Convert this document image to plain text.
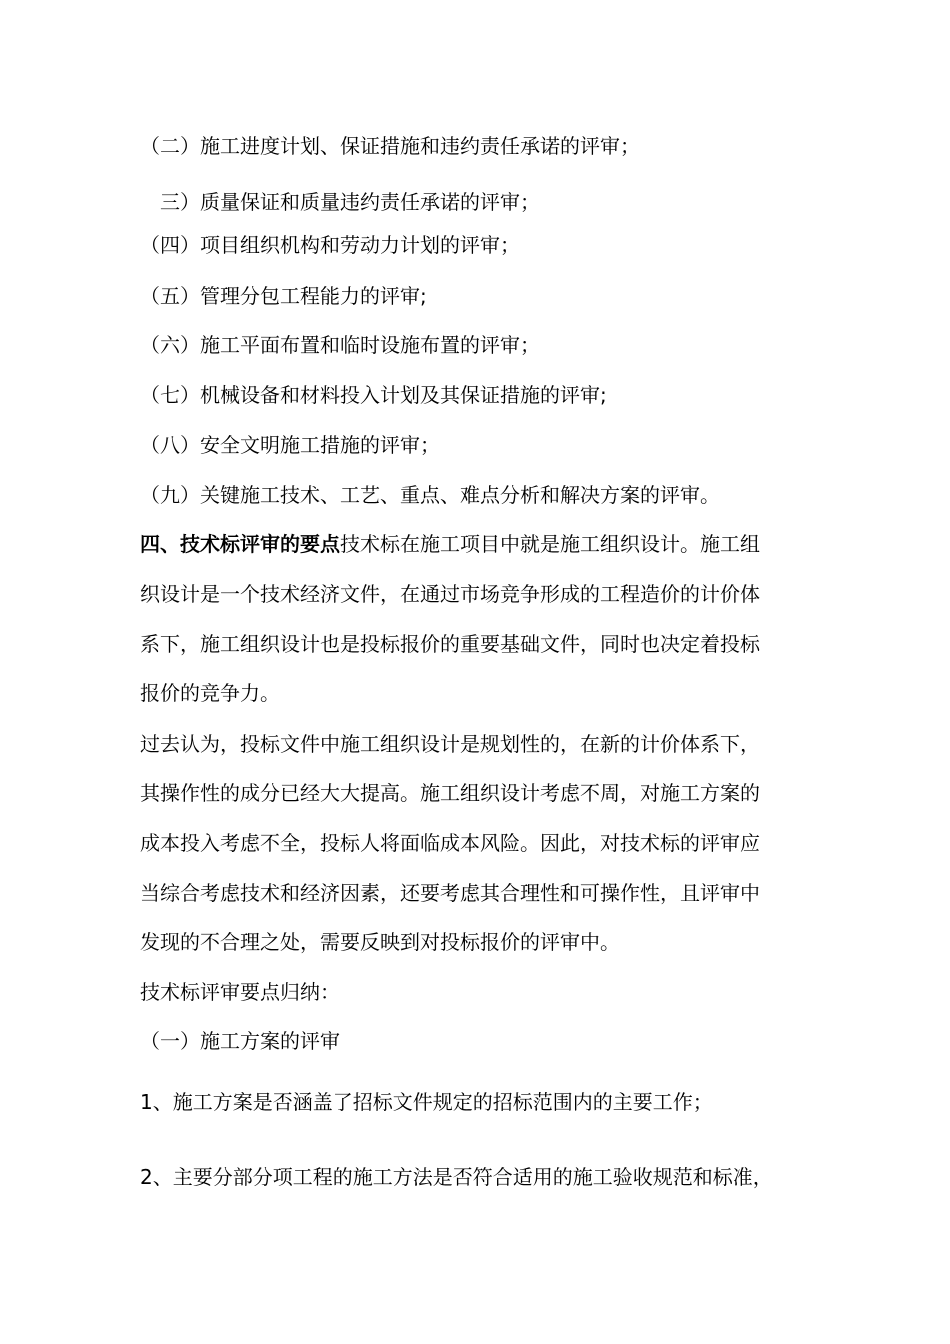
（二）施工进度计划、保证措施和违约责任承诺的评审；
三）质量保证和质量违约责任承诺的评审；
（四）项目组织机构和劳动力计划的评审；
（五）管理分包工程能力的评审;
（六）施工平面布置和临时设施布置的评审；
（七）机械设备和材料投入计划及其保证措施的评审;
（八）安全文明施工措施的评审；
（九）关键施工技术、工艺、重点、难点分析和解决方案的评审。
四、技术标评审的要点技术标在施工项目中就是施工组织设计。施工组
织设计是一个技术经济文件，在通过市场竞争形成的工程造价的计价体
系下，施工组织设计也是投标报价的重要基础文件，同时也决定着投标
报价的竞争力。
过去认为，投标文件中施工组织设计是规划性的，在新的计价体系下，
其操作性的成分已经大大提高。施工组织设计考虑不周，对施工方案的
成本投入考虑不全，投标人将面临成本风险。因此，对技术标的评审应
当综合考虑技术和经济因素，还要考虑其合理性和可操作性，且评审中
发现的不合理之处，需要反映到对投标报价的评审中。
技术标评审要点归纳：
（一）施工方案的评审
1、施工方案是否涵盖了招标文件规定的招标范围内的主要工作；
2、主要分部分项工程的施工方法是否符合适用的施工验收规范和标准，
